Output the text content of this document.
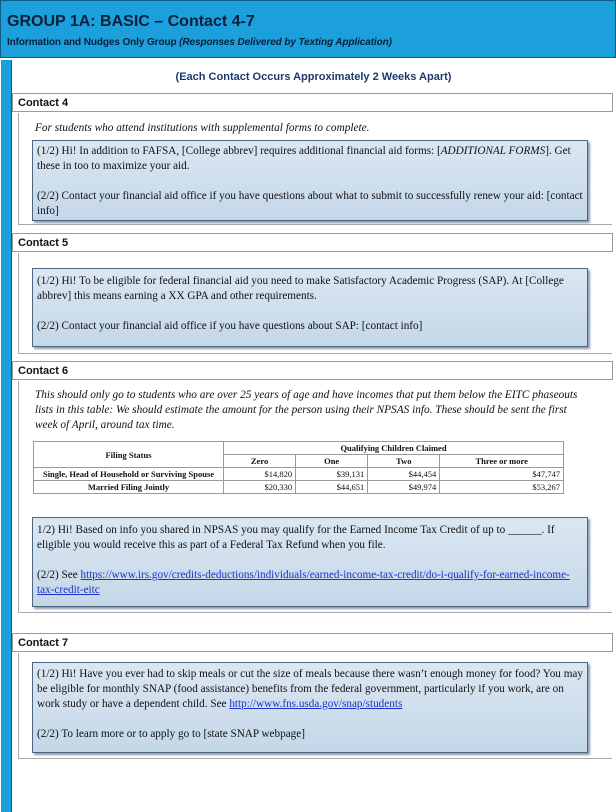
GROUP 1A: BASIC – Contact 4-7
Information and Nudges Only Group (Responses Delivered by Texting Application)
(Each Contact Occurs Approximately 2 Weeks Apart)
Contact 4
For students who attend institutions with supplemental forms to complete.

(1/2) Hi! In addition to FAFSA, [College abbrev] requires additional financial aid forms: [ADDITIONAL FORMS]. Get these in too to maximize your aid.

(2/2) Contact your financial aid office if you have questions about what to submit to successfully renew your aid: [contact info]

Contact 5

(1/2) Hi! To be eligible for federal financial aid you need to make Satisfactory Academic Progress (SAP). At [College abbrev] this means earning a XX GPA and other requirements.

(2/2) Contact your financial aid office if you have questions about SAP: [contact info]

Contact 6
This should only go to students who are over 25 years of age and have incomes that put them below the EITC phaseouts lists in this table: We should estimate the amount for the person using their NPSAS info. These should be sent the first week of April, around tax time.
Filing Status	Qualifying Children Claimed			
	Zero	One	Two	Three or more
Single, Head of Household or Surviving Spouse	$14,820	$39,131	$44,454	$47,747
Married Filing Jointly	$20,330	$44,651	$49,974	$53,267

1/2) Hi! Based on info you shared in NPSAS you may qualify for the Earned Income Tax Credit of up to ______. If eligible you would receive this as part of a Federal Tax Refund when you file.

(2/2) See https://www.irs.gov/credits-deductions/individuals/earned-income-tax-credit/do-i-qualify-for-earned-income-tax-credit-eitc

Contact 7

(1/2) Hi! Have you ever had to skip meals or cut the size of meals because there wasn’t enough money for food? You may be eligible for monthly SNAP (food assistance) benefits from the federal government, particularly if you work, are on work study or have a dependent child. See http://www.fns.usda.gov/snap/students

(2/2) To learn more or to apply go to [state SNAP webpage]
